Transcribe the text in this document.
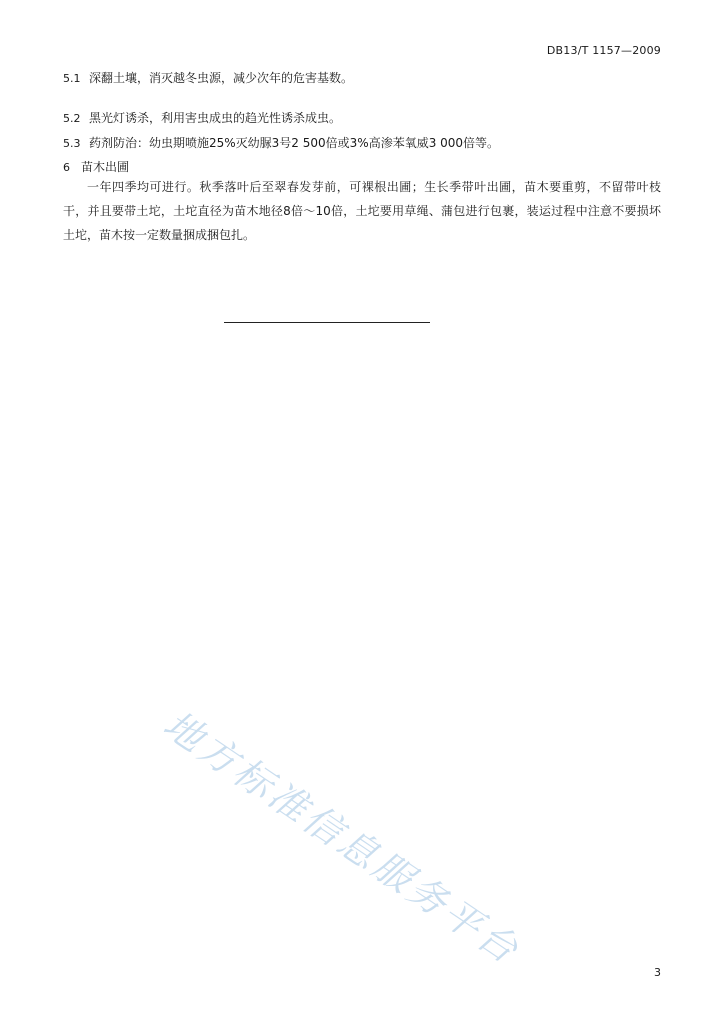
DB13/T 1157—2009
5.1 深翻土壤，消灭越冬虫源，减少次年的危害基数。
5.2 黑光灯诱杀，利用害虫成虫的趋光性诱杀成虫。
5.3 药剂防治：幼虫期喷施25%灭幼脲3号2 500倍或3%高渗苯氧威3 000倍等。
6 苗木出圃
一年四季均可进行。秋季落叶后至翠春发芽前，可裸根出圃；生长季带叶出圃，苗木要重剪，不留带叶枝干，并且要带土坨，土坨直径为苗木地径8倍～10倍，土坨要用草绳、蒲包进行包裹，装运过程中注意不要损坏土坨，苗木按一定数量捆成捆包扎。
地方标准信息服务平台	3
